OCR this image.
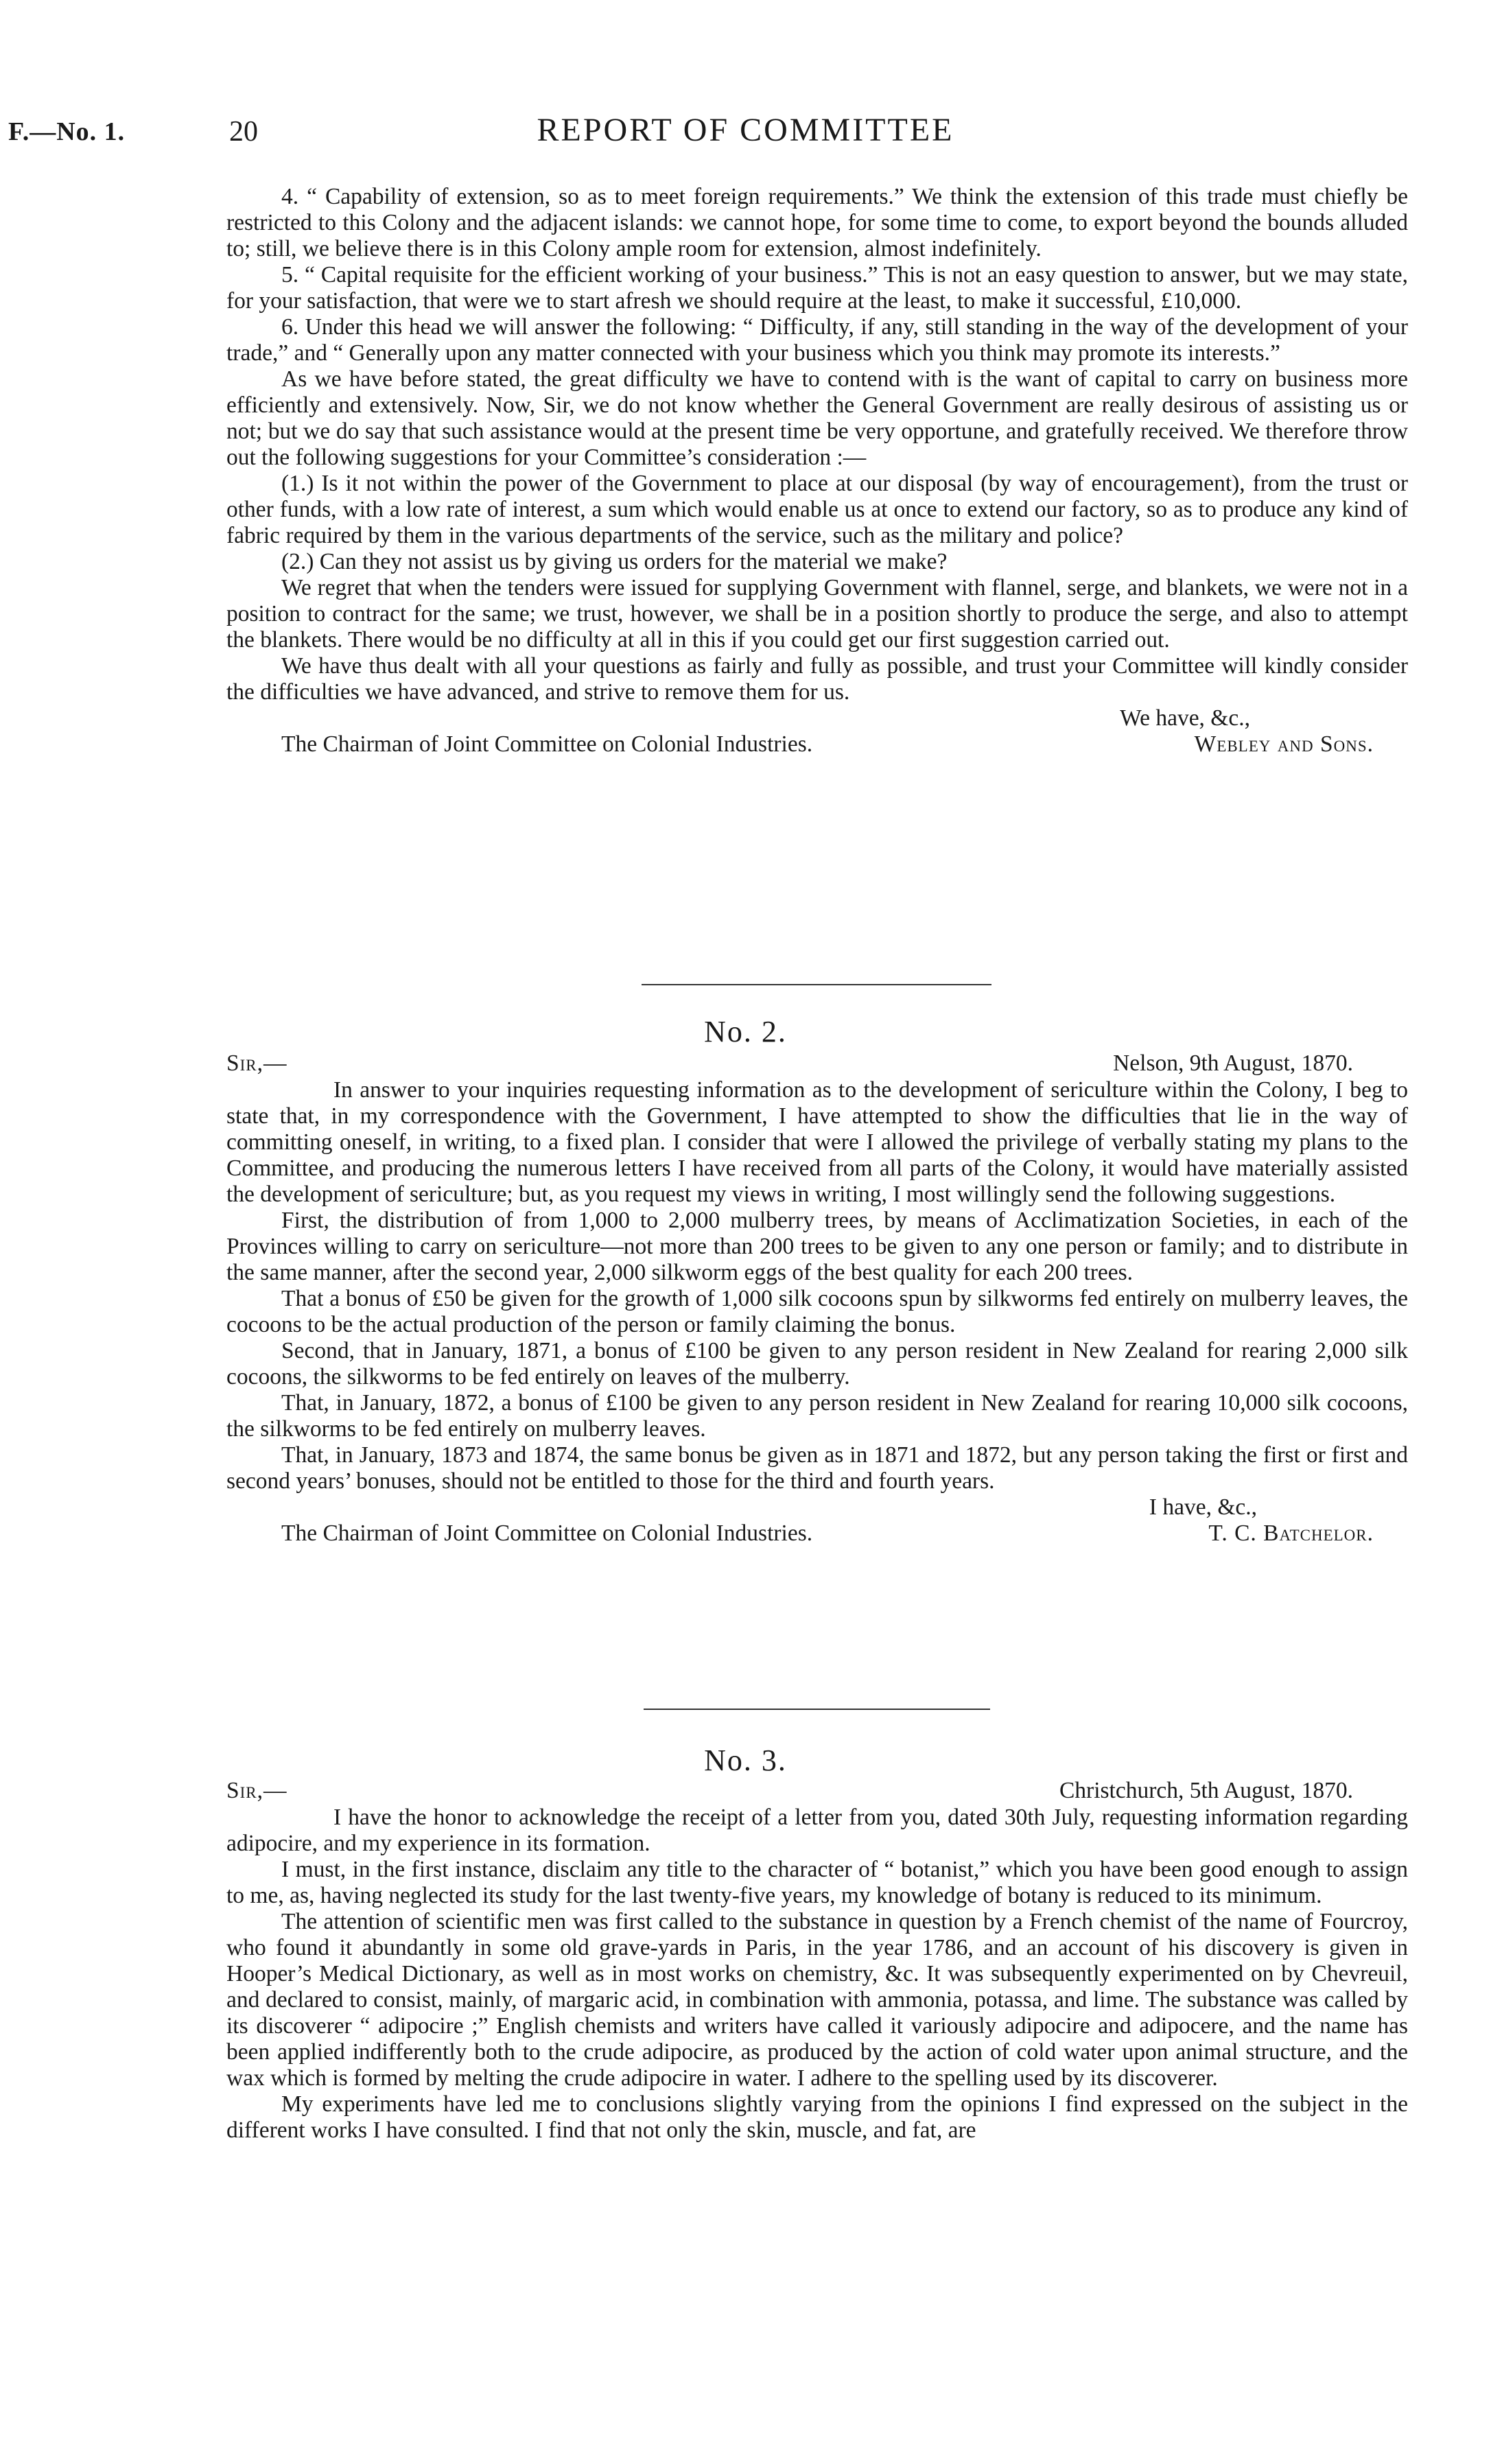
F.—No. 1.	20	REPORT OF COMMITTEE

4. “ Capability of extension, so as to meet foreign requirements.” We think the extension of this trade must chiefly be restricted to this Colony and the adjacent islands: we cannot hope, for some time to come, to export beyond the bounds alluded to; still, we believe there is in this Colony ample room for extension, almost indefinitely.

5. “ Capital requisite for the efficient working of your business.” This is not an easy question to answer, but we may state, for your satisfaction, that were we to start afresh we should require at the least, to make it successful, £10,000.

6. Under this head we will answer the following: “ Difficulty, if any, still standing in the way of the development of your trade,” and “ Generally upon any matter connected with your business which you think may promote its interests.”

As we have before stated, the great difficulty we have to contend with is the want of capital to carry on business more efficiently and extensively. Now, Sir, we do not know whether the General Government are really desirous of assisting us or not; but we do say that such assistance would at the present time be very opportune, and gratefully received. We therefore throw out the following suggestions for your Committee’s consideration :—

(1.) Is it not within the power of the Government to place at our disposal (by way of encouragement), from the trust or other funds, with a low rate of interest, a sum which would enable us at once to extend our factory, so as to produce any kind of fabric required by them in the various departments of the service, such as the military and police?

(2.) Can they not assist us by giving us orders for the material we make?

We regret that when the tenders were issued for supplying Government with flannel, serge, and blankets, we were not in a position to contract for the same; we trust, however, we shall be in a position shortly to produce the serge, and also to attempt the blankets. There would be no difficulty at all in this if you could get our first suggestion carried out.

We have thus dealt with all your questions as fairly and fully as possible, and trust your Committee will kindly consider the difficulties we have advanced, and strive to remove them for us.

We have, &c.,
The Chairman of Joint Committee on Colonial Industries.	Webley and Sons.
No. 2.
Sir,—	Nelson, 9th August, 1870.

In answer to your inquiries requesting information as to the development of sericulture within the Colony, I beg to state that, in my correspondence with the Government, I have attempted to show the difficulties that lie in the way of committing oneself, in writing, to a fixed plan. I consider that were I allowed the privilege of verbally stating my plans to the Committee, and producing the numerous letters I have received from all parts of the Colony, it would have materially assisted the development of sericulture; but, as you request my views in writing, I most willingly send the following suggestions.

First, the distribution of from 1,000 to 2,000 mulberry trees, by means of Acclimatization Societies, in each of the Provinces willing to carry on sericulture—not more than 200 trees to be given to any one person or family; and to distribute in the same manner, after the second year, 2,000 silkworm eggs of the best quality for each 200 trees.

That a bonus of £50 be given for the growth of 1,000 silk cocoons spun by silkworms fed entirely on mulberry leaves, the cocoons to be the actual production of the person or family claiming the bonus.

Second, that in January, 1871, a bonus of £100 be given to any person resident in New Zealand for rearing 2,000 silk cocoons, the silkworms to be fed entirely on leaves of the mulberry.

That, in January, 1872, a bonus of £100 be given to any person resident in New Zealand for rearing 10,000 silk cocoons, the silkworms to be fed entirely on mulberry leaves.

That, in January, 1873 and 1874, the same bonus be given as in 1871 and 1872, but any person taking the first or first and second years’ bonuses, should not be entitled to those for the third and fourth years.

I have, &c.,
The Chairman of Joint Committee on Colonial Industries.	T. C. Batchelor.
No. 3.
Sir,—	Christchurch, 5th August, 1870.

I have the honor to acknowledge the receipt of a letter from you, dated 30th July, requesting information regarding adipocire, and my experience in its formation.

I must, in the first instance, disclaim any title to the character of “ botanist,” which you have been good enough to assign to me, as, having neglected its study for the last twenty-five years, my knowledge of botany is reduced to its minimum.

The attention of scientific men was first called to the substance in question by a French chemist of the name of Fourcroy, who found it abundantly in some old grave-yards in Paris, in the year 1786, and an account of his discovery is given in Hooper’s Medical Dictionary, as well as in most works on chemistry, &c. It was subsequently experimented on by Chevreuil, and declared to consist, mainly, of margaric acid, in combination with ammonia, potassa, and lime. The substance was called by its discoverer “ adipocire ;” English chemists and writers have called it variously adipocire and adipocere, and the name has been applied indifferently both to the crude adipocire, as produced by the action of cold water upon animal structure, and the wax which is formed by melting the crude adipocire in water. I adhere to the spelling used by its discoverer.

My experiments have led me to conclusions slightly varying from the opinions I find expressed on the subject in the different works I have consulted. I find that not only the skin, muscle, and fat, are
